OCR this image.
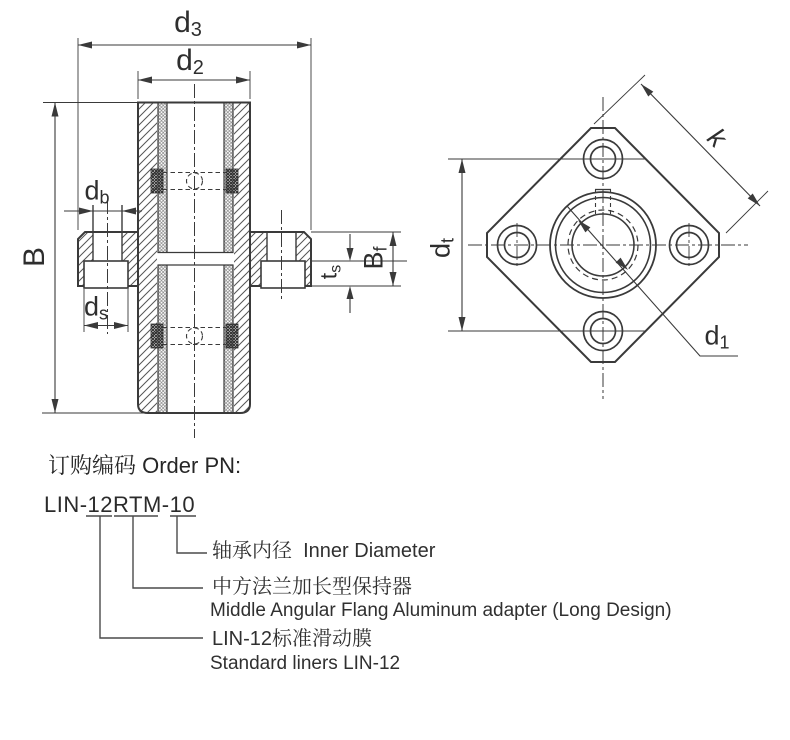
d3
d2
B
db
ds
ts Bf dt
k
d1
订购编码 Order PN:
LIN-12RTM-10
轴承内径  Inner Diameter
中方法兰加长型保持器
Middle Angular Flang Aluminum adapter (Long Design)
LIN-12标准滑动膜
Standard liners LIN-12
